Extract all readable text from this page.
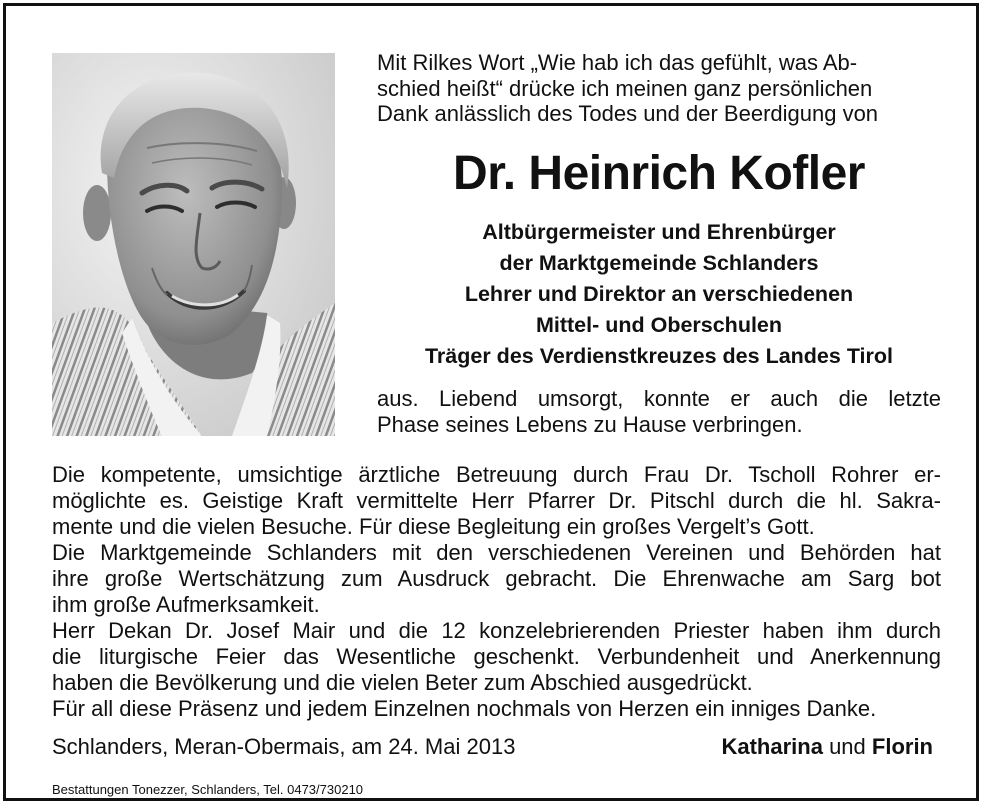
Mit Rilkes Wort „Wie hab ich das gefühlt, was Ab-

schied heißt“ drücke ich meinen ganz persönlichen

Dank anlässlich des Todes und der Beerdigung von

Dr. Heinrich Kofler
Altbürgermeister und Ehrenbürger
der Marktgemeinde Schlanders
Lehrer und Direktor an verschiedenen
Mittel- und Oberschulen
Träger des Verdienstkreuzes des Landes Tirol
aus. Liebend umsorgt, konnte er auch die letzte
Phase seines Lebens zu Hause verbringen.

Die kompetente, umsichtige ärztliche Betreuung durch Frau Dr. Tscholl Rohrer er-

möglichte es. Geistige Kraft vermittelte Herr Pfarrer Dr. Pitschl durch die hl. Sakra-

mente und die vielen Besuche. Für diese Begleitung ein großes Vergelt’s Gott.

Die Marktgemeinde Schlanders mit den verschiedenen Vereinen und Behörden hat

ihre große Wertschätzung zum Ausdruck gebracht. Die Ehrenwache am Sarg bot

ihm große Aufmerksamkeit.

Herr Dekan Dr. Josef Mair und die 12 konzelebrierenden Priester haben ihm durch

die liturgische Feier das Wesentliche geschenkt. Verbundenheit und Anerkennung

haben die Bevölkerung und die vielen Beter zum Abschied ausgedrückt.

Für all diese Präsenz und jedem Einzelnen nochmals von Herzen ein inniges Danke.

Schlanders, Meran-Obermais, am 24. Mai 2013	Katharina und Florin
Bestattungen Tonezzer, Schlanders, Tel. 0473/730210
